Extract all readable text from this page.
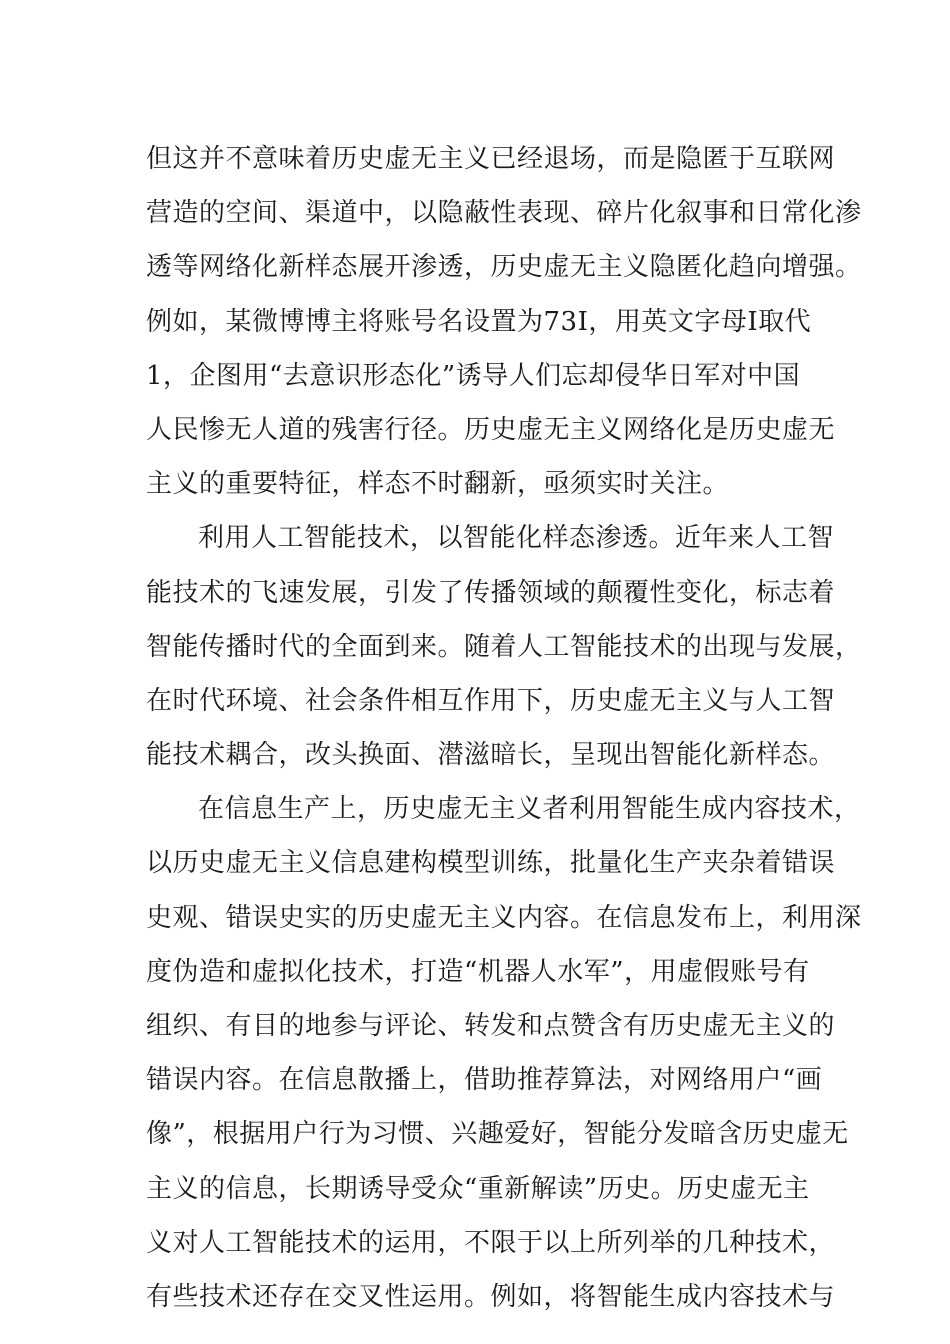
但这并不意味着历史虚无主义已经退场，而是隐匿于互联网
营造的空间、渠道中，以隐蔽性表现、碎片化叙事和日常化渗
透等网络化新样态展开渗透，历史虚无主义隐匿化趋向增强。
例如，某微博博主将账号名设置为73I，用英文字母I取代
1，企图用“去意识形态化”诱导人们忘却侵华日军对中国
人民惨无人道的残害行径。历史虚无主义网络化是历史虚无
主义的重要特征，样态不时翻新，亟须实时关注。
利用人工智能技术，以智能化样态渗透。近年来人工智
能技术的飞速发展，引发了传播领域的颠覆性变化，标志着
智能传播时代的全面到来。随着人工智能技术的出现与发展，
在时代环境、社会条件相互作用下，历史虚无主义与人工智
能技术耦合，改头换面、潜滋暗长，呈现出智能化新样态。
在信息生产上，历史虚无主义者利用智能生成内容技术，
以历史虚无主义信息建构模型训练，批量化生产夹杂着错误
史观、错误史实的历史虚无主义内容。在信息发布上，利用深
度伪造和虚拟化技术，打造“机器人水军”，用虚假账号有
组织、有目的地参与评论、转发和点赞含有历史虚无主义的
错误内容。在信息散播上，借助推荐算法，对网络用户“画
像”，根据用户行为习惯、兴趣爱好，智能分发暗含历史虚无
主义的信息，长期诱导受众“重新解读”历史。历史虚无主
义对人工智能技术的运用，不限于以上所列举的几种技术，
有些技术还存在交叉性运用。例如，将智能生成内容技术与
